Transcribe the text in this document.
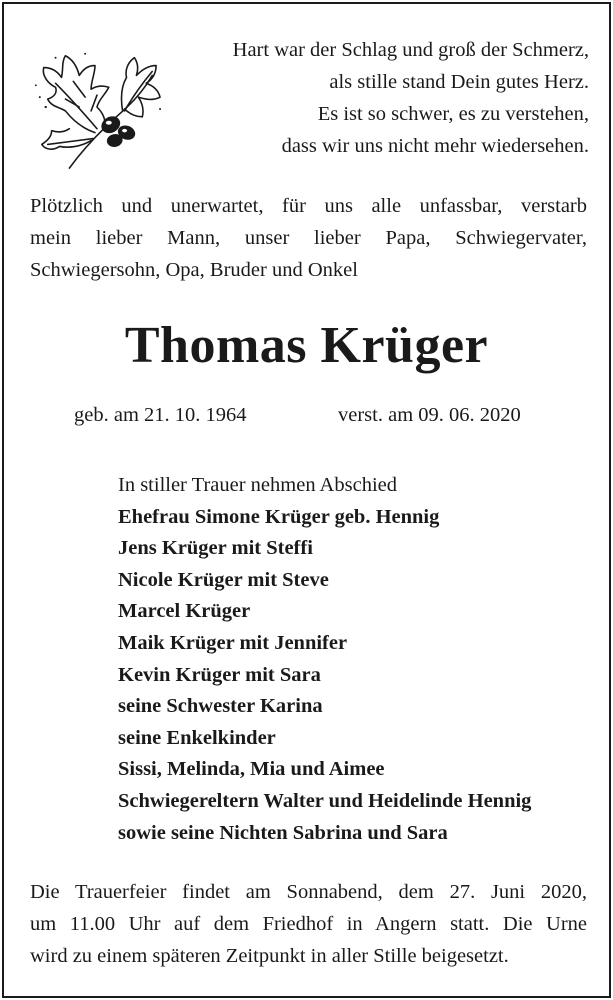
Hart war der Schlag und groß der Schmerz,
als stille stand Dein gutes Herz.
Es ist so schwer, es zu verstehen,
dass wir uns nicht mehr wiedersehen.
Plötzlich und unerwartet, für uns alle unfassbar, verstarb
mein lieber Mann, unser lieber Papa, Schwiegervater,
Schwiegersohn, Opa, Bruder und Onkel
Thomas Krüger
geb. am 21. 10. 1964	verst. am 09. 06. 2020
In stiller Trauer nehmen Abschied
Ehefrau Simone Krüger geb. Hennig
Jens Krüger mit Steffi
Nicole Krüger mit Steve
Marcel Krüger
Maik Krüger mit Jennifer
Kevin Krüger mit Sara
seine Schwester Karina
seine Enkelkinder
Sissi, Melinda, Mia und Aimee
Schwiegereltern Walter und Heidelinde Hennig
sowie seine Nichten Sabrina und Sara
Die Trauerfeier findet am Sonnabend, dem 27. Juni 2020,
um 11.00 Uhr auf dem Friedhof in Angern statt. Die Urne
wird zu einem späteren Zeitpunkt in aller Stille beigesetzt.
